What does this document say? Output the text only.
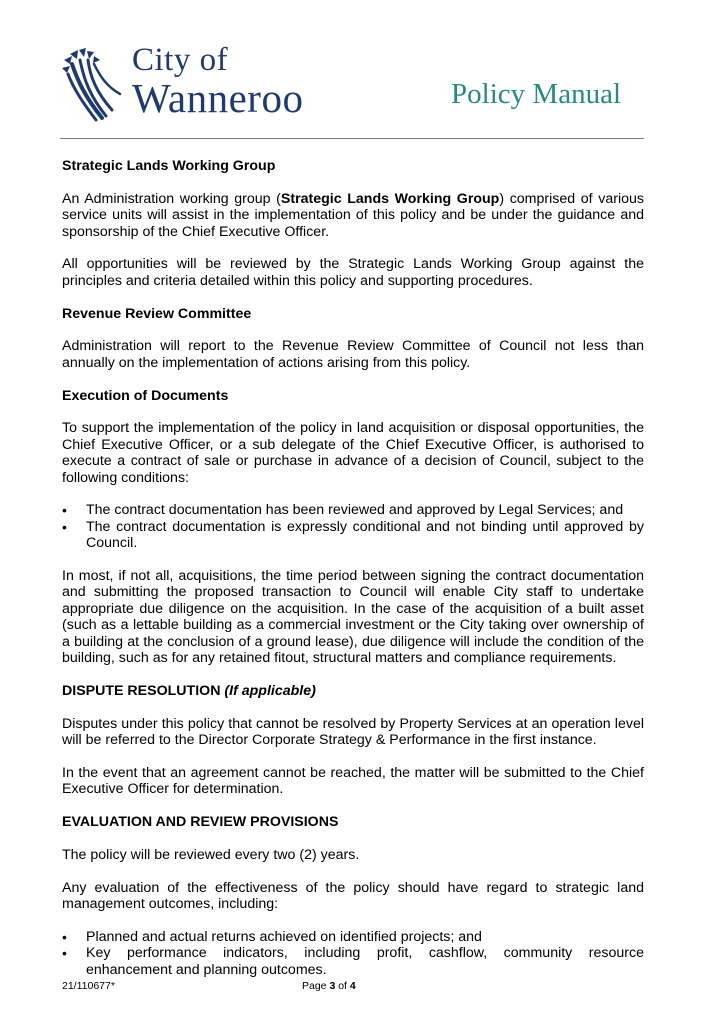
City of
Wanneroo	Policy Manual

Strategic Lands Working Group

An Administration working group (Strategic Lands Working Group) comprised of various service units will assist in the implementation of this policy and be under the guidance and sponsorship of the Chief Executive Officer.

All opportunities will be reviewed by the Strategic Lands Working Group against the principles and criteria detailed within this policy and supporting procedures.

Revenue Review Committee

Administration will report to the Revenue Review Committee of Council not less than annually on the implementation of actions arising from this policy.

Execution of Documents

To support the implementation of the policy in land acquisition or disposal opportunities, the Chief Executive Officer, or a sub delegate of the Chief Executive Officer, is authorised to execute a contract of sale or purchase in advance of a decision of Council, subject to the following conditions:

• The contract documentation has been reviewed and approved by Legal Services; and
• The contract documentation is expressly conditional and not binding until approved by Council.

In most, if not all, acquisitions, the time period between signing the contract documentation and submitting the proposed transaction to Council will enable City staff to undertake appropriate due diligence on the acquisition. In the case of the acquisition of a built asset (such as a lettable building as a commercial investment or the City taking over ownership of a building at the conclusion of a ground lease), due diligence will include the condition of the building, such as for any retained fitout, structural matters and compliance requirements.

DISPUTE RESOLUTION (If applicable)

Disputes under this policy that cannot be resolved by Property Services at an operation level will be referred to the Director Corporate Strategy & Performance in the first instance.

In the event that an agreement cannot be reached, the matter will be submitted to the Chief Executive Officer for determination.

EVALUATION AND REVIEW PROVISIONS

The policy will be reviewed every two (2) years.

Any evaluation of the effectiveness of the policy should have regard to strategic land management outcomes, including:

• Planned and actual returns achieved on identified projects; and
• Key performance indicators, including profit, cashflow, community resource enhancement and planning outcomes.
21/110677*	Page 3 of 4
